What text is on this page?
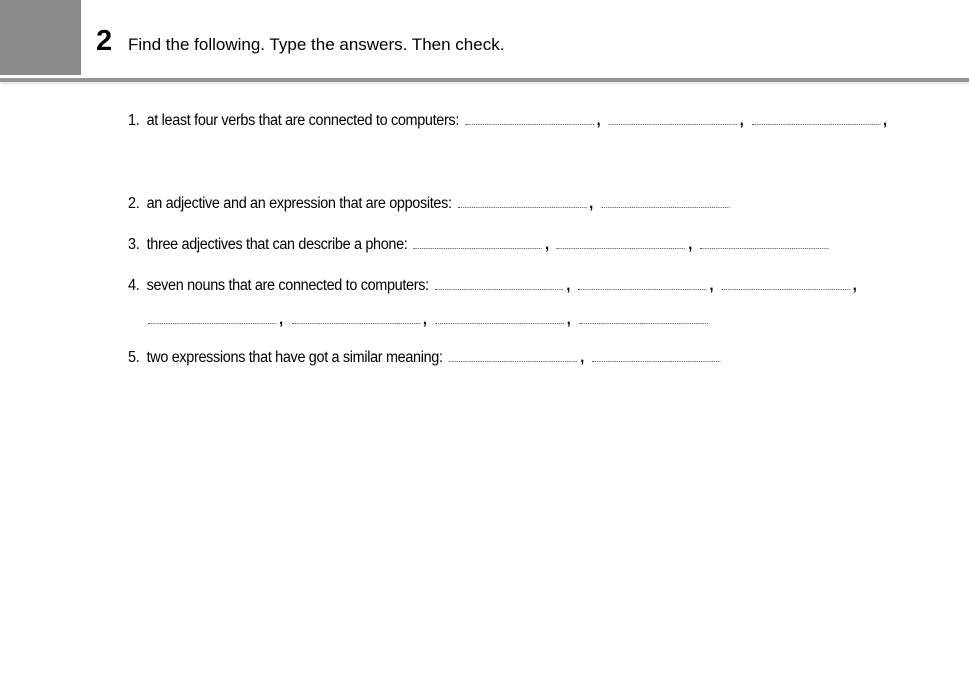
2 Find the following. Type the answers. Then check.
1. at least four verbs that are connected to computers:	,	,	,
2. an adjective and an expression that are opposites:	,
3. three adjectives that can describe a phone:	,	,
4. seven nouns that are connected to computers:	,	,	,
,	,	,
5. two expressions that have got a similar meaning:	,
